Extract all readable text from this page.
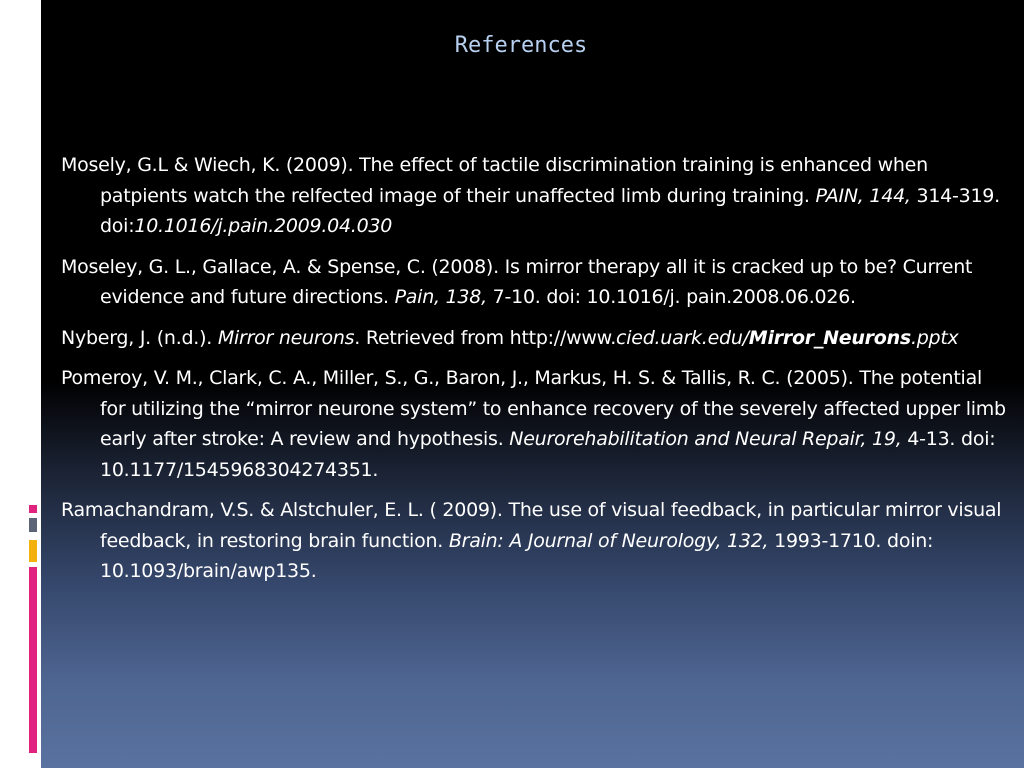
References

Mosely, G.L & Wiech, K. (2009). The effect of tactile discrimination training is enhanced when patpients watch the relfected image of their unaffected limb during training. PAIN, 144, 314-319. doi:10.1016/j.pain.2009.04.030

Moseley, G. L., Gallace, A. & Spense, C. (2008). Is mirror therapy all it is cracked up to be? Current evidence and future directions. Pain, 138, 7-10. doi: 10.1016/j. pain.2008.06.026.

Nyberg, J. (n.d.). Mirror neurons. Retrieved from http://www.cied.uark.edu/Mirror_Neurons.pptx

Pomeroy, V. M., Clark, C. A., Miller, S., G., Baron, J., Markus, H. S. & Tallis, R. C. (2005). The potential for utilizing the “mirror neurone system” to enhance recovery of the severely affected upper limb early after stroke: A review and hypothesis. Neurorehabilitation and Neural Repair, 19, 4-13. doi: 10.1177/1545968304274351.

Ramachandram, V.S. & Alstchuler, E. L. ( 2009). The use of visual feedback, in particular mirror visual feedback, in restoring brain function. Brain: A Journal of Neurology, 132, 1993-1710. doin: 10.1093/brain/awp135.
